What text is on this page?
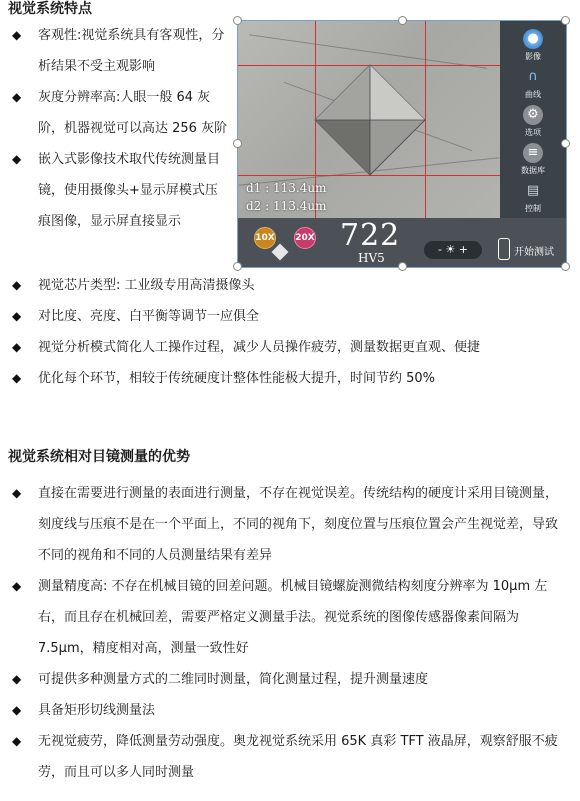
视觉系统特点
◆ 客观性:视觉系统具有客观性，分析结果不受主观影响
◆ 灰度分辨率高:人眼一般 64 灰阶，机器视觉可以高达 256 灰阶
◆ 嵌入式影像技术取代传统测量目镜，使用摄像头+显示屏模式压痕图像，显示屏直接显示
d1 : 113.4um
d2 : 113.4um
●
影像
∩
曲线
⚙
选项
≡
数据库
▤
控制
10X 20X 722
HV5
- ☀ +	开始测试
◆ 视觉芯片类型: 工业级专用高清摄像头
◆ 对比度、亮度、白平衡等调节一应俱全
◆ 视觉分析模式简化人工操作过程，减少人员操作疲劳，测量数据更直观、便捷
◆ 优化每个环节，相较于传统硬度计整体性能极大提升，时间节约 50%
视觉系统相对目镜测量的优势
◆ 直接在需要进行测量的表面进行测量，不存在视觉误差。传统结构的硬度计采用目镜测量，刻度线与压痕不是在一个平面上，不同的视角下，刻度位置与压痕位置会产生视觉差，导致不同的视角和不同的人员测量结果有差异
◆ 测量精度高: 不存在机械目镜的回差问题。机械目镜螺旋测微结构刻度分辨率为 10μm 左右，而且存在机械回差，需要严格定义测量手法。视觉系统的图像传感器像素间隔为 7.5μm，精度相对高，测量一致性好
◆ 可提供多种测量方式的二维同时测量，简化测量过程，提升测量速度
◆ 具备矩形切线测量法
◆ 无视觉疲劳，降低测量劳动强度。奥龙视觉系统采用 65K 真彩 TFT 液晶屏，观察舒服不疲劳，而且可以多人同时测量
